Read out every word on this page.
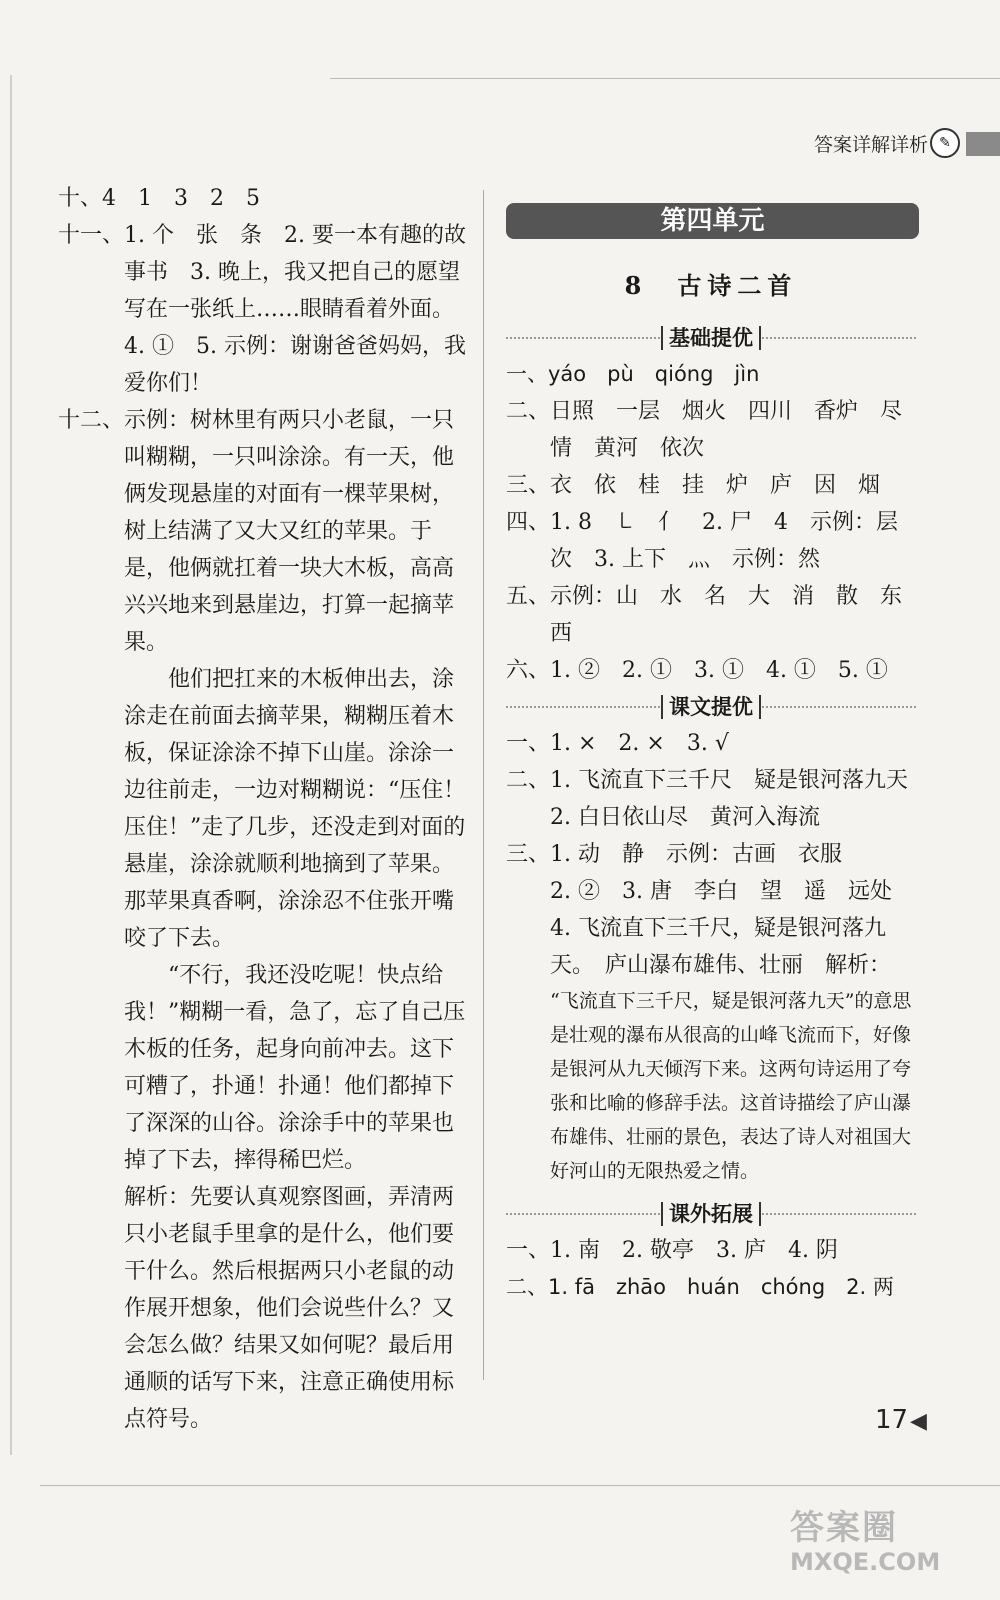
答案详解详析 ✎

十、4　1　3　2　5

十一、1. 个　张　条　2. 要一本有趣的故事书　3. 晚上，我又把自己的愿望写在一张纸上……眼睛看着外面。　4. ①　5. 示例：谢谢爸爸妈妈，我爱你们！

十二、示例：树林里有两只小老鼠，一只叫糊糊，一只叫涂涂。有一天，他俩发现悬崖的对面有一棵苹果树，树上结满了又大又红的苹果。于是，他俩就扛着一块大木板，高高兴兴地来到悬崖边，打算一起摘苹果。

他们把扛来的木板伸出去，涂涂走在前面去摘苹果，糊糊压着木板，保证涂涂不掉下山崖。涂涂一边往前走，一边对糊糊说：“压住！压住！”走了几步，还没走到对面的悬崖，涂涂就顺利地摘到了苹果。那苹果真香啊，涂涂忍不住张开嘴咬了下去。

“不行，我还没吃呢！快点给我！”糊糊一看，急了，忘了自己压木板的任务，起身向前冲去。这下可糟了，扑通！扑通！他们都掉下了深深的山谷。涂涂手中的苹果也掉了下去，摔得稀巴烂。

解析：先要认真观察图画，弄清两只小老鼠手里拿的是什么，他们要干什么。然后根据两只小老鼠的动作展开想象，他们会说些什么？又会怎么做？结果又如何呢？最后用通顺的话写下来，注意正确使用标点符号。

第四单元
8　古诗二首
基础提优

一、yáo　pù　qióng　jìn

二、日照　一层　烟火　四川　香炉　尽情　黄河　依次

三、衣　依　桂　挂　炉　庐　因　烟

四、1. 8　㇄　亻　2. 尸　4　示例：层次　3. 上下　灬　示例：然

五、示例：山　水　名　大　消　散　东　西

六、1. ②　2. ①　3. ①　4. ①　5. ①

课文提优

一、1. ×　2. ×　3. √

二、1. 飞流直下三千尺　疑是银河落九天　2. 白日依山尽　黄河入海流

三、1. 动　静　示例：古画　衣服

2. ②　3. 唐　李白　望　遥　远处

4. 飞流直下三千尺，疑是银河落九天。　庐山瀑布雄伟、壮丽　解析：

“飞流直下三千尺，疑是银河落九天”的意思是壮观的瀑布从很高的山峰飞流而下，好像是银河从九天倾泻下来。这两句诗运用了夸张和比喻的修辞手法。这首诗描绘了庐山瀑布雄伟、壮丽的景色，表达了诗人对祖国大好河山的无限热爱之情。

课外拓展

一、1. 南　2. 敬亭　3. 庐　4. 阴

二、1. fā　zhāo　huán　chóng　2. 两

17 ◀
答案圈
MXQE.COM
